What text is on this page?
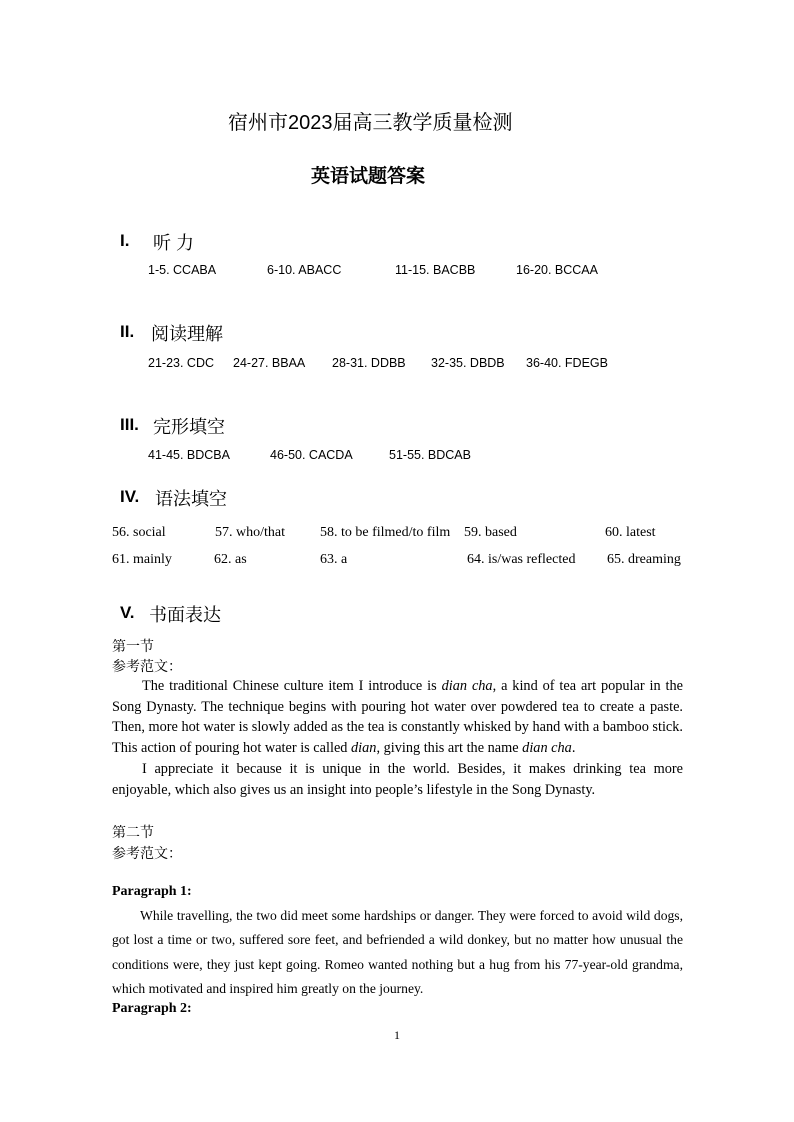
宿州市2023届高三教学质量检测
英语试题答案
I. 听 力
1-5. CCABA	6-10. ABACC	11-15. BACBB	16-20. BCCAA
II. 阅读理解
21-23. CDC 24-27. BBAA 28-31. DDBB 32-35. DBDB 36-40. FDEGB
III. 完形填空
41-45. BDCBA	46-50. CACDA	51-55. BDCAB
IV. 语法填空
56. social	57. who/that	58. to be filmed/to film 59. based	60. latest
61. mainly	62. as	63. a	64. is/was reflected 65. dreaming
V. 书面表达
第一节
参考范文：
The traditional Chinese culture item I introduce is dian cha, a kind of tea art popular in the Song Dynasty. The technique begins with pouring hot water over powdered tea to create a paste. Then, more hot water is slowly added as the tea is constantly whisked by hand with a bamboo stick. This action of pouring hot water is called dian, giving this art the name dian cha.
I appreciate it because it is unique in the world. Besides, it makes drinking tea more enjoyable, which also gives us an insight into people’s lifestyle in the Song Dynasty.
第二节
参考范文：
Paragraph 1:
While travelling, the two did meet some hardships or danger. They were forced to avoid wild dogs, got lost a time or two, suffered sore feet, and befriended a wild donkey, but no matter how unusual the conditions were, they just kept going. Romeo wanted nothing but a hug from his 77-year-old grandma, which motivated and inspired him greatly on the journey.
Paragraph 2:
1
